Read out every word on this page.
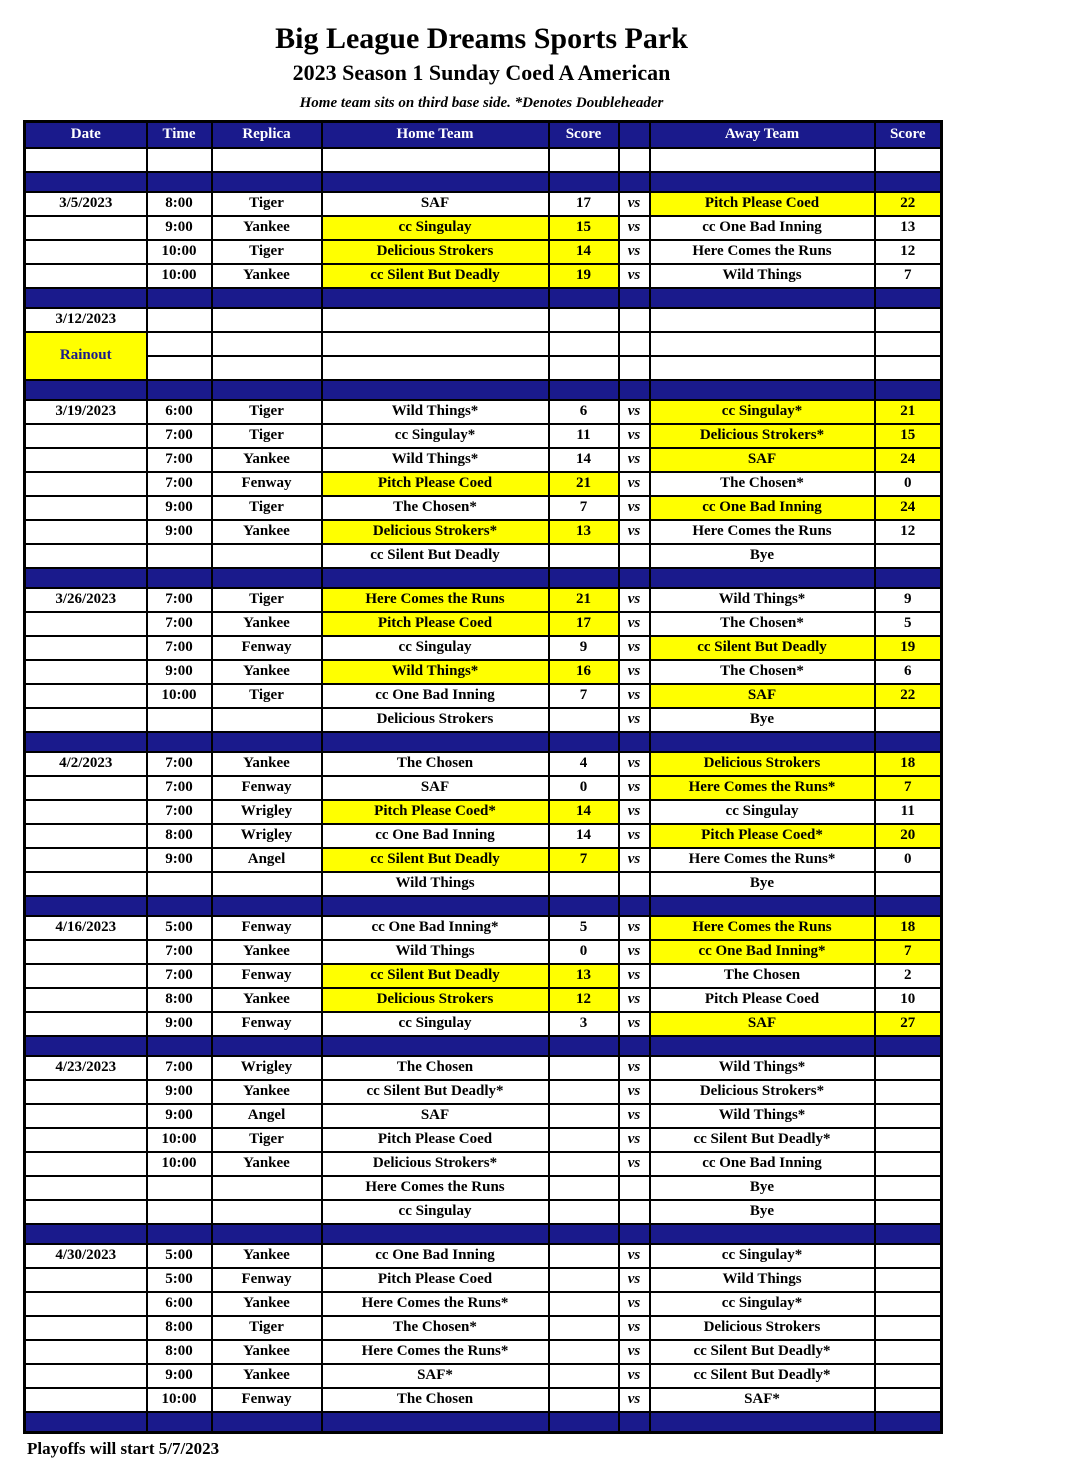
Big League Dreams Sports Park
2023 Season 1 Sunday Coed A American
Home team sits on third base side. *Denotes Doubleheader
Date	Time	Replica	Home Team	Score		Away Team	Score

3/5/2023	8:00	Tiger	SAF	17	vs	Pitch Please Coed	22
	9:00	Yankee	cc Singulay	15	vs	cc One Bad Inning	13
	10:00	Tiger	Delicious Strokers	14	vs	Here Comes the Runs	12
	10:00	Yankee	cc Silent But Deadly	19	vs	Wild Things	7

3/12/2023							
Rainout							

3/19/2023	6:00	Tiger	Wild Things*	6	vs	cc Singulay*	21
	7:00	Tiger	cc Singulay*	11	vs	Delicious Strokers*	15
	7:00	Yankee	Wild Things*	14	vs	SAF	24
	7:00	Fenway	Pitch Please Coed	21	vs	The Chosen*	0
	9:00	Tiger	The Chosen*	7	vs	cc One Bad Inning	24
	9:00	Yankee	Delicious Strokers*	13	vs	Here Comes the Runs	12
			cc Silent But Deadly			Bye	

3/26/2023	7:00	Tiger	Here Comes the Runs	21	vs	Wild Things*	9
	7:00	Yankee	Pitch Please Coed	17	vs	The Chosen*	5
	7:00	Fenway	cc Singulay	9	vs	cc Silent But Deadly	19
	9:00	Yankee	Wild Things*	16	vs	The Chosen*	6
	10:00	Tiger	cc One Bad Inning	7	vs	SAF	22
			Delicious Strokers		vs	Bye	

4/2/2023	7:00	Yankee	The Chosen	4	vs	Delicious Strokers	18
	7:00	Fenway	SAF	0	vs	Here Comes the Runs*	7
	7:00	Wrigley	Pitch Please Coed*	14	vs	cc Singulay	11
	8:00	Wrigley	cc One Bad Inning	14	vs	Pitch Please Coed*	20
	9:00	Angel	cc Silent But Deadly	7	vs	Here Comes the Runs*	0
			Wild Things			Bye	

4/16/2023	5:00	Fenway	cc One Bad Inning*	5	vs	Here Comes the Runs	18
	7:00	Yankee	Wild Things	0	vs	cc One Bad Inning*	7
	7:00	Fenway	cc Silent But Deadly	13	vs	The Chosen	2
	8:00	Yankee	Delicious Strokers	12	vs	Pitch Please Coed	10
	9:00	Fenway	cc Singulay	3	vs	SAF	27

4/23/2023	7:00	Wrigley	The Chosen		vs	Wild Things*	
	9:00	Yankee	cc Silent But Deadly*		vs	Delicious Strokers*	
	9:00	Angel	SAF		vs	Wild Things*	
	10:00	Tiger	Pitch Please Coed		vs	cc Silent But Deadly*	
	10:00	Yankee	Delicious Strokers*		vs	cc One Bad Inning	
			Here Comes the Runs			Bye	
			cc Singulay			Bye	

4/30/2023	5:00	Yankee	cc One Bad Inning		vs	cc Singulay*	
	5:00	Fenway	Pitch Please Coed		vs	Wild Things	
	6:00	Yankee	Here Comes the Runs*		vs	cc Singulay*	
	8:00	Tiger	The Chosen*		vs	Delicious Strokers	
	8:00	Yankee	Here Comes the Runs*		vs	cc Silent But Deadly*	
	9:00	Yankee	SAF*		vs	cc Silent But Deadly*	
	10:00	Fenway	The Chosen		vs	SAF*	

Playoffs will start 5/7/2023
